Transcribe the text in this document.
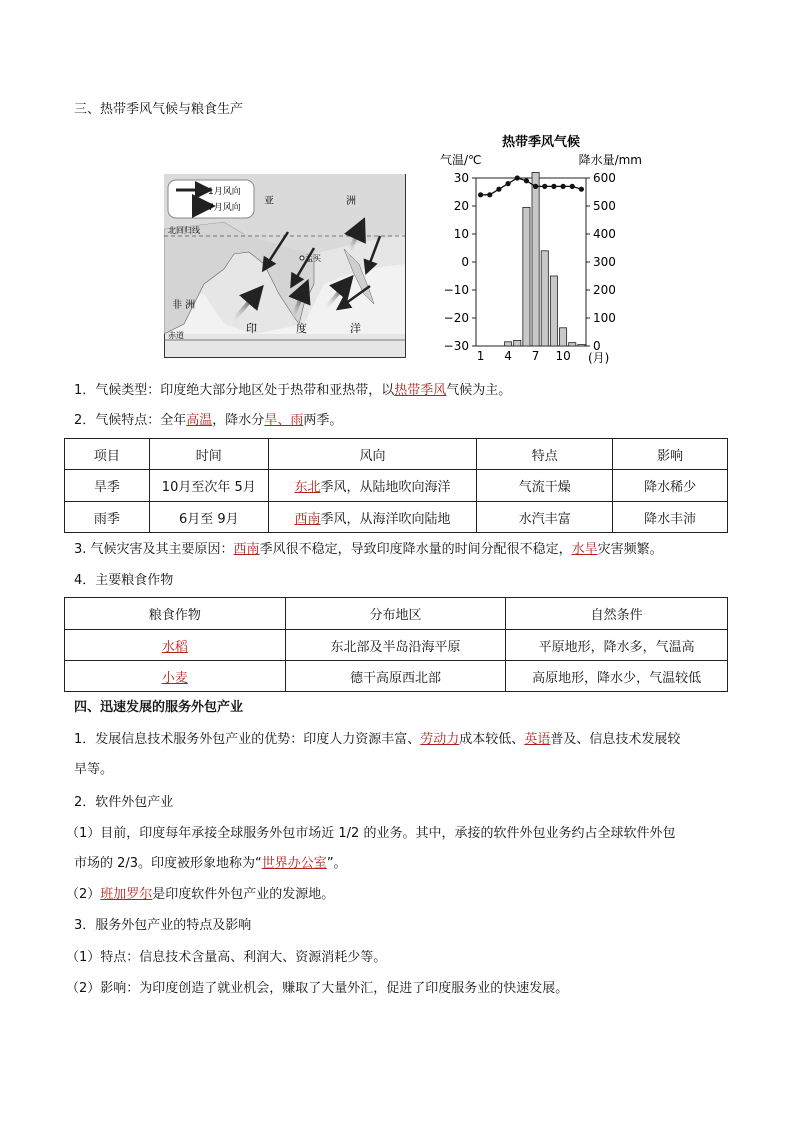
三、热带季风气候与粮食生产
1月风向
7月风向
亚	洲
北回归线
孟买
非 洲
赤道
印	度	洋
热带季风气候
气温/℃	降水量/mm
30
20
10
0
−10
−20
−30
600
500
400
300
200
100
0
1 4 7 10 (月)
1．气候类型：印度绝大部分地区处于热带和亚热带，以热带季风气候为主。
2．气候特点：全年高温，降水分旱、雨两季。
项目	时间	风向	特点	影响
旱季	10月至次年 5月	东北季风，从陆地吹向海洋	气流干燥	降水稀少
雨季	6月至 9月	西南季风，从海洋吹向陆地	水汽丰富	降水丰沛
3. 气候灾害及其主要原因：西南季风很不稳定，导致印度降水量的时间分配很不稳定，水旱灾害频繁。
4．主要粮食作物
粮食作物	分布地区	自然条件
水稻	东北部及半岛沿海平原	平原地形，降水多，气温高
小麦	德干高原西北部	高原地形，降水少，气温较低
四、迅速发展的服务外包产业
1．发展信息技术服务外包产业的优势：印度人力资源丰富、劳动力成本较低、英语普及、信息技术发展较
早等。
2．软件外包产业
（1）目前，印度每年承接全球服务外包市场近 1/2 的业务。其中，承接的软件外包业务约占全球软件外包
市场的 2/3。印度被形象地称为“世界办公室”。
（2）班加罗尔是印度软件外包产业的发源地。
3．服务外包产业的特点及影响
（1）特点：信息技术含量高、利润大、资源消耗少等。
（2）影响：为印度创造了就业机会，赚取了大量外汇，促进了印度服务业的快速发展。
